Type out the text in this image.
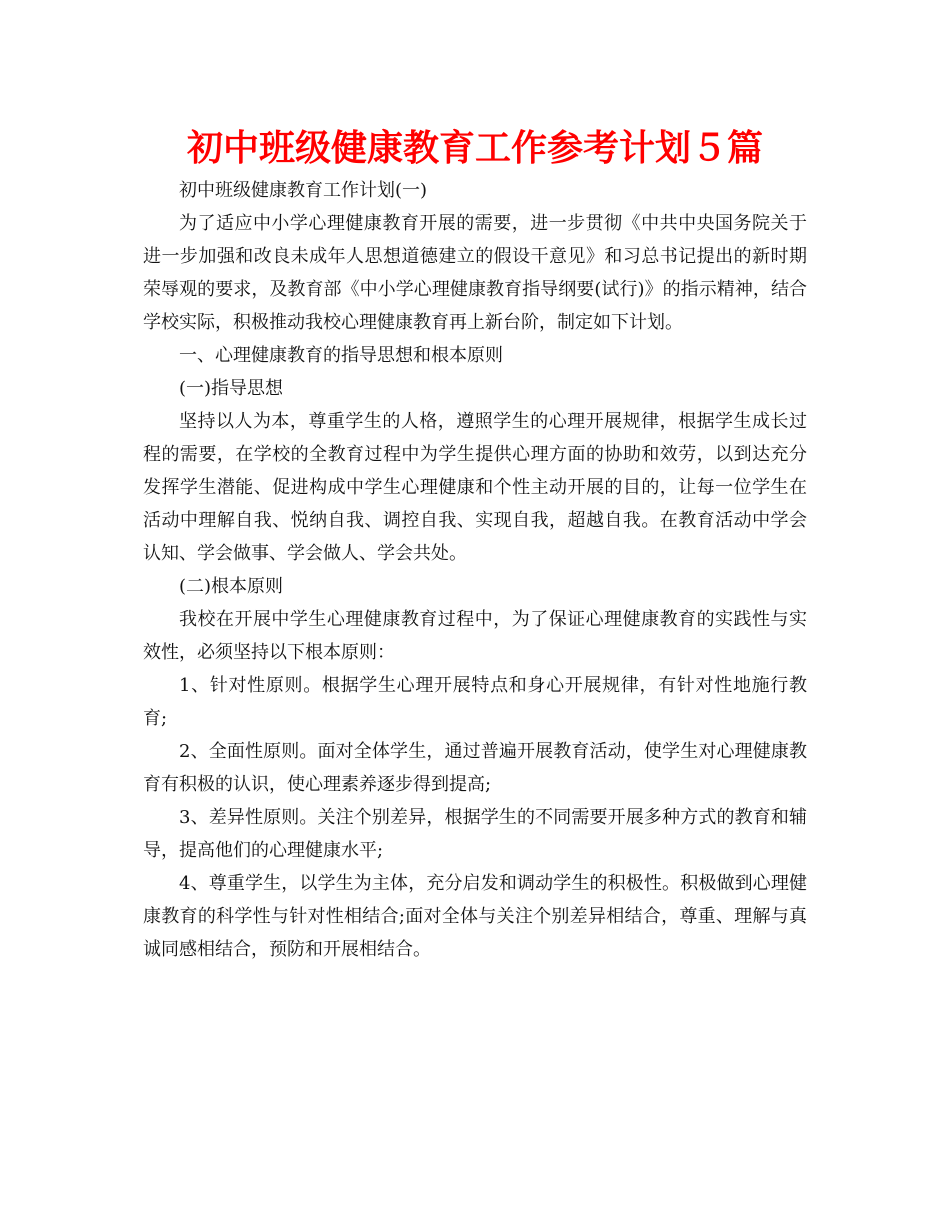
初中班级健康教育工作参考计划５篇

初中班级健康教育工作计划(一)

为了适应中小学心理健康教育开展的需要，进一步贯彻《中共中央国务院关于进一步加强和改良未成年人思想道德建立的假设干意见》和习总书记提出的新时期荣辱观的要求，及教育部《中小学心理健康教育指导纲要(试行)》的指示精神，结合学校实际，积极推动我校心理健康教育再上新台阶，制定如下计划。

一、心理健康教育的指导思想和根本原则

(一)指导思想

坚持以人为本，尊重学生的人格，遵照学生的心理开展规律，根据学生成长过程的需要，在学校的全教育过程中为学生提供心理方面的协助和效劳，以到达充分发挥学生潜能、促进构成中学生心理健康和个性主动开展的目的，让每一位学生在活动中理解自我、悦纳自我、调控自我、实现自我，超越自我。在教育活动中学会认知、学会做事、学会做人、学会共处。

(二)根本原则

我校在开展中学生心理健康教育过程中，为了保证心理健康教育的实践性与实效性，必须坚持以下根本原则：

1、针对性原则。根据学生心理开展特点和身心开展规律，有针对性地施行教育;

2、全面性原则。面对全体学生，通过普遍开展教育活动，使学生对心理健康教育有积极的认识，使心理素养逐步得到提高;

3、差异性原则。关注个别差异，根据学生的不同需要开展多种方式的教育和辅导，提高他们的心理健康水平;

4、尊重学生，以学生为主体，充分启发和调动学生的积极性。积极做到心理健康教育的科学性与针对性相结合;面对全体与关注个别差异相结合，尊重、理解与真诚同感相结合，预防和开展相结合。
